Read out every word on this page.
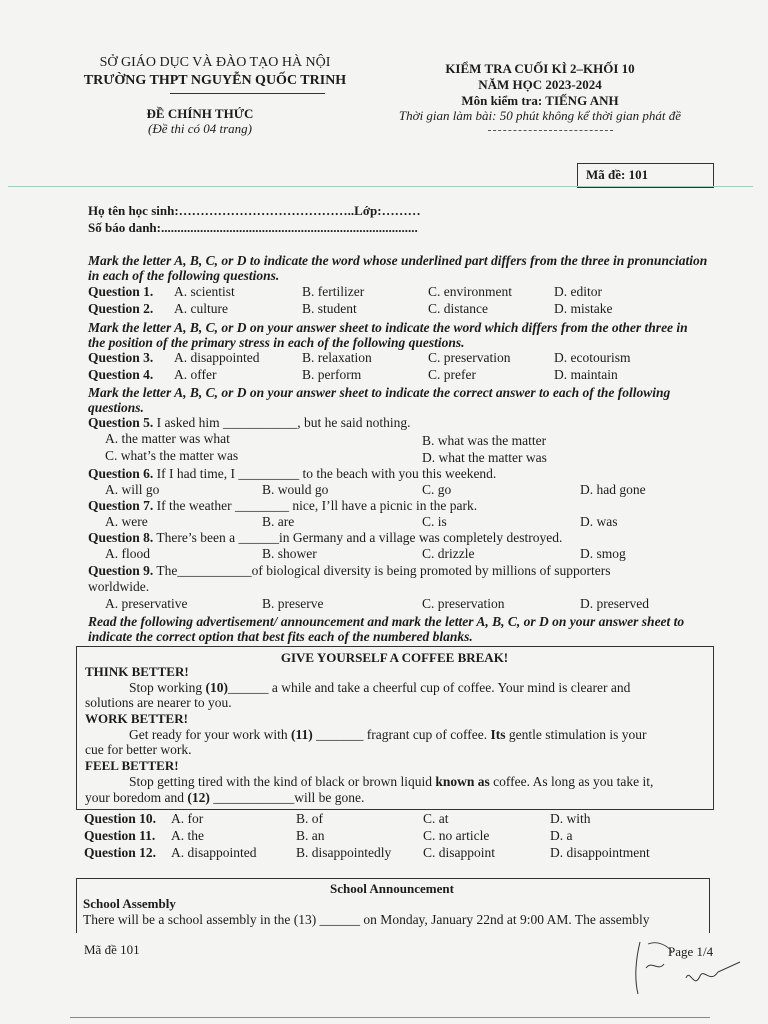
SỞ GIÁO DỤC VÀ ĐÀO TẠO HÀ NỘI
TRƯỜNG THPT NGUYỄN QUỐC TRINH
ĐỀ CHÍNH THỨC
(Đề thi có 04 trang)
KIỂM TRA CUỐI KÌ 2–KHỐI 10
NĂM HỌC 2023-2024
Môn kiểm tra: TIẾNG ANH
Thời gian làm bài: 50 phút không kể thời gian phát đề
Mã đề: 101
Họ tên học sinh:…………………………………..Lớp:………
Số báo danh:...............................................................................
Mark the letter A, B, C, or D to indicate the word whose underlined part differs from the three in pronunciation in each of the following questions.
Question 1. A. scientist	B. fertilizer	C. environment	D. editor
Question 2. A. culture	B. student	C. distance	D. mistake
Mark the letter A, B, C, or D on your answer sheet to indicate the word which differs from the other three in the position of the primary stress in each of the following questions.
Question 3. A. disappointed	B. relaxation	C. preservation	D. ecotourism
Question 4. A. offer	B. perform	C. prefer	D. maintain
Mark the letter A, B, C, or D on your answer sheet to indicate the correct answer to each of the following questions.
Question 5. I asked him ___________, but he said nothing.
A. the matter was what	B. what was the matter
C. what’s the matter was	D. what the matter was
Question 6. If I had time, I _________ to the beach with you this weekend.
A. will go	B. would go	C. go	D. had gone
Question 7. If the weather ________ nice, I’ll have a picnic in the park.
A. were	B. are	C. is	D. was
Question 8. There’s been a ______in Germany and a village was completely destroyed.
A. flood	B. shower	C. drizzle	D. smog
Question 9. The___________of biological diversity is being promoted by millions of supporters
worldwide.
A. preservative	B. preserve	C. preservation	D. preserved
Read the following advertisement/ announcement and mark the letter A, B, C, or D on your answer sheet to indicate the correct option that best fits each of the numbered blanks.
GIVE YOURSELF A COFFEE BREAK!
THINK BETTER!
Stop working (10)______ a while and take a cheerful cup of coffee. Your mind is clearer and
solutions are nearer to you.
WORK BETTER!
Get ready for your work with (11) _______ fragrant cup of coffee. Its gentle stimulation is your
cue for better work.
FEEL BETTER!
Stop getting tired with the kind of black or brown liquid known as coffee. As long as you take it,
your boredom and (12) ____________will be gone.
Question 10. A. for	B. of	C. at	D. with
Question 11. A. the	B. an	C. no article	D. a
Question 12. A. disappointed	B. disappointedly C. disappoint	D. disappointment
School Announcement
School Assembly
There will be a school assembly in the (13) ______ on Monday, January 22nd at 9:00 AM. The assembly
Mã đề 101	Page 1/4
